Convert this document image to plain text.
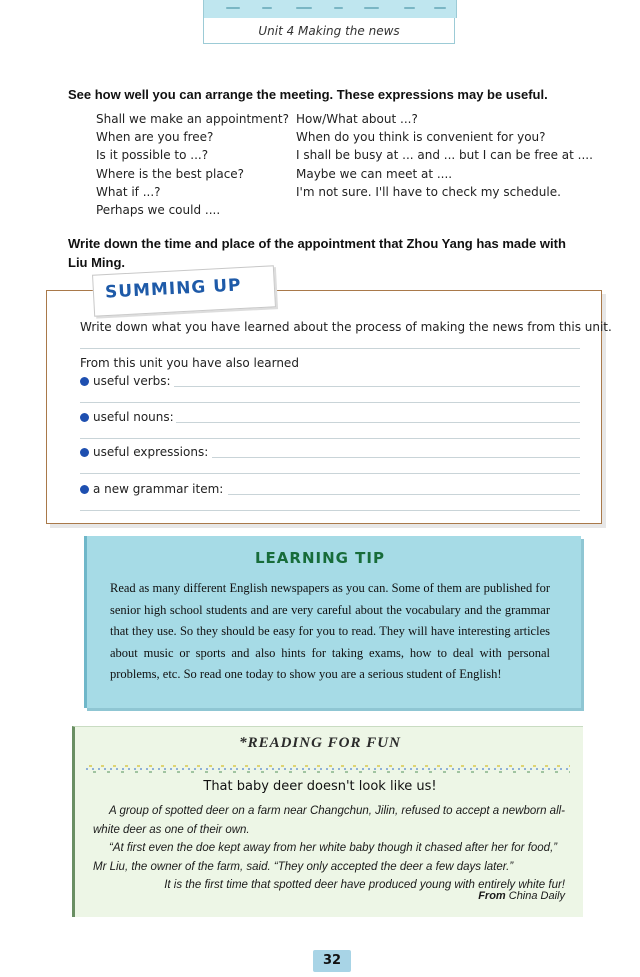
Unit 4 Making the news
See how well you can arrange the meeting. These expressions may be useful.
Shall we make an appointment?
When are you free?
Is it possible to ...?
Where is the best place?
What if ...?
Perhaps we could ....
How/What about ...?
When do you think is convenient for you?
I shall be busy at ... and ... but I can be free at ....
Maybe we can meet at ....
I'm not sure. I'll have to check my schedule.
Write down the time and place of the appointment that Zhou Yang has made with
Liu Ming.
SUMMING UP
Write down what you have learned about the process of making the news from this unit.
From this unit you have also learned
useful verbs:
useful nouns:
useful expressions:
a new grammar item:
LEARNING TIP
Read as many different English newspapers as you can. Some of them are published for senior high school students and are very careful about the vocabulary and the grammar that they use. So they should be easy for you to read. They will have interesting articles about music or sports and also hints for taking exams, how to deal with personal problems, etc. So read one today to show you are a serious student of English!
*READING FOR FUN
That baby deer doesn't look like us!

A group of spotted deer on a farm near Changchun, Jilin, refused to accept a newborn all-white deer as one of their own.

“At first even the doe kept away from her white baby though it chased after her for food,” Mr Liu, the owner of the farm, said. “They only accepted the deer a few days later.”

It is the first time that spotted deer have produced young with entirely white fur!

From China Daily
32
